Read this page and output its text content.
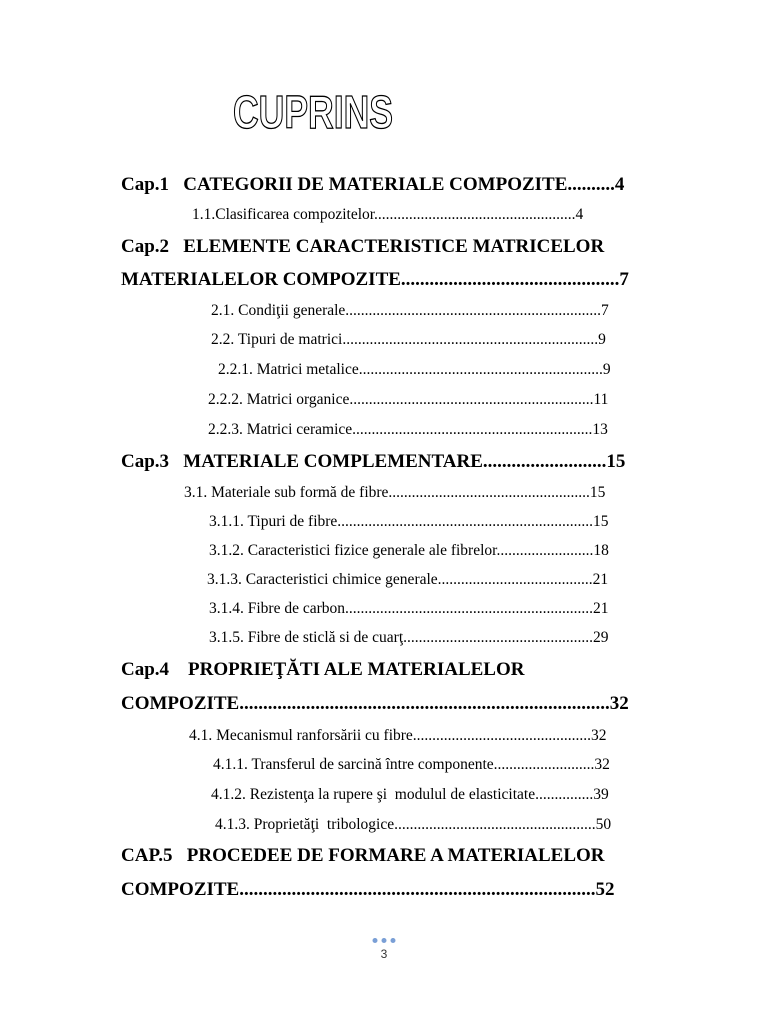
CUPRINS
Cap.1   CATEGORII DE MATERIALE COMPOZITE..........4
1.1.Clasificarea compozitelor....................................................4
Cap.2   ELEMENTE CARACTERISTICE MATRICELOR
MATERIALELOR COMPOZITE..............................................7
2.1. Condiţii generale..................................................................7
2.2. Tipuri de matrici..................................................................9
2.2.1. Matrici metalice...............................................................9
2.2.2. Matrici organice...............................................................11
2.2.3. Matrici ceramice..............................................................13
Cap.3   MATERIALE COMPLEMENTARE..........................15
3.1. Materiale sub formă de fibre....................................................15
3.1.1. Tipuri de fibre..................................................................15
3.1.2. Caracteristici fizice generale ale fibrelor.........................18
3.1.3. Caracteristici chimice generale........................................21
3.1.4. Fibre de carbon................................................................21
3.1.5. Fibre de sticlă si de cuarţ.................................................29
Cap.4    PROPRIEŢĂTI ALE MATERIALELOR
COMPOZITE..............................................................................32
4.1. Mecanismul ranforsării cu fibre..............................................32
4.1.1. Transferul de sarcină între componente..........................32
4.1.2. Rezistenţa la rupere şi  modulul de elasticitate...............39
4.1.3. Proprietăţi  tribologice....................................................50
CAP.5   PROCEDEE DE FORMARE A MATERIALELOR
COMPOZITE...........................................................................52
3
